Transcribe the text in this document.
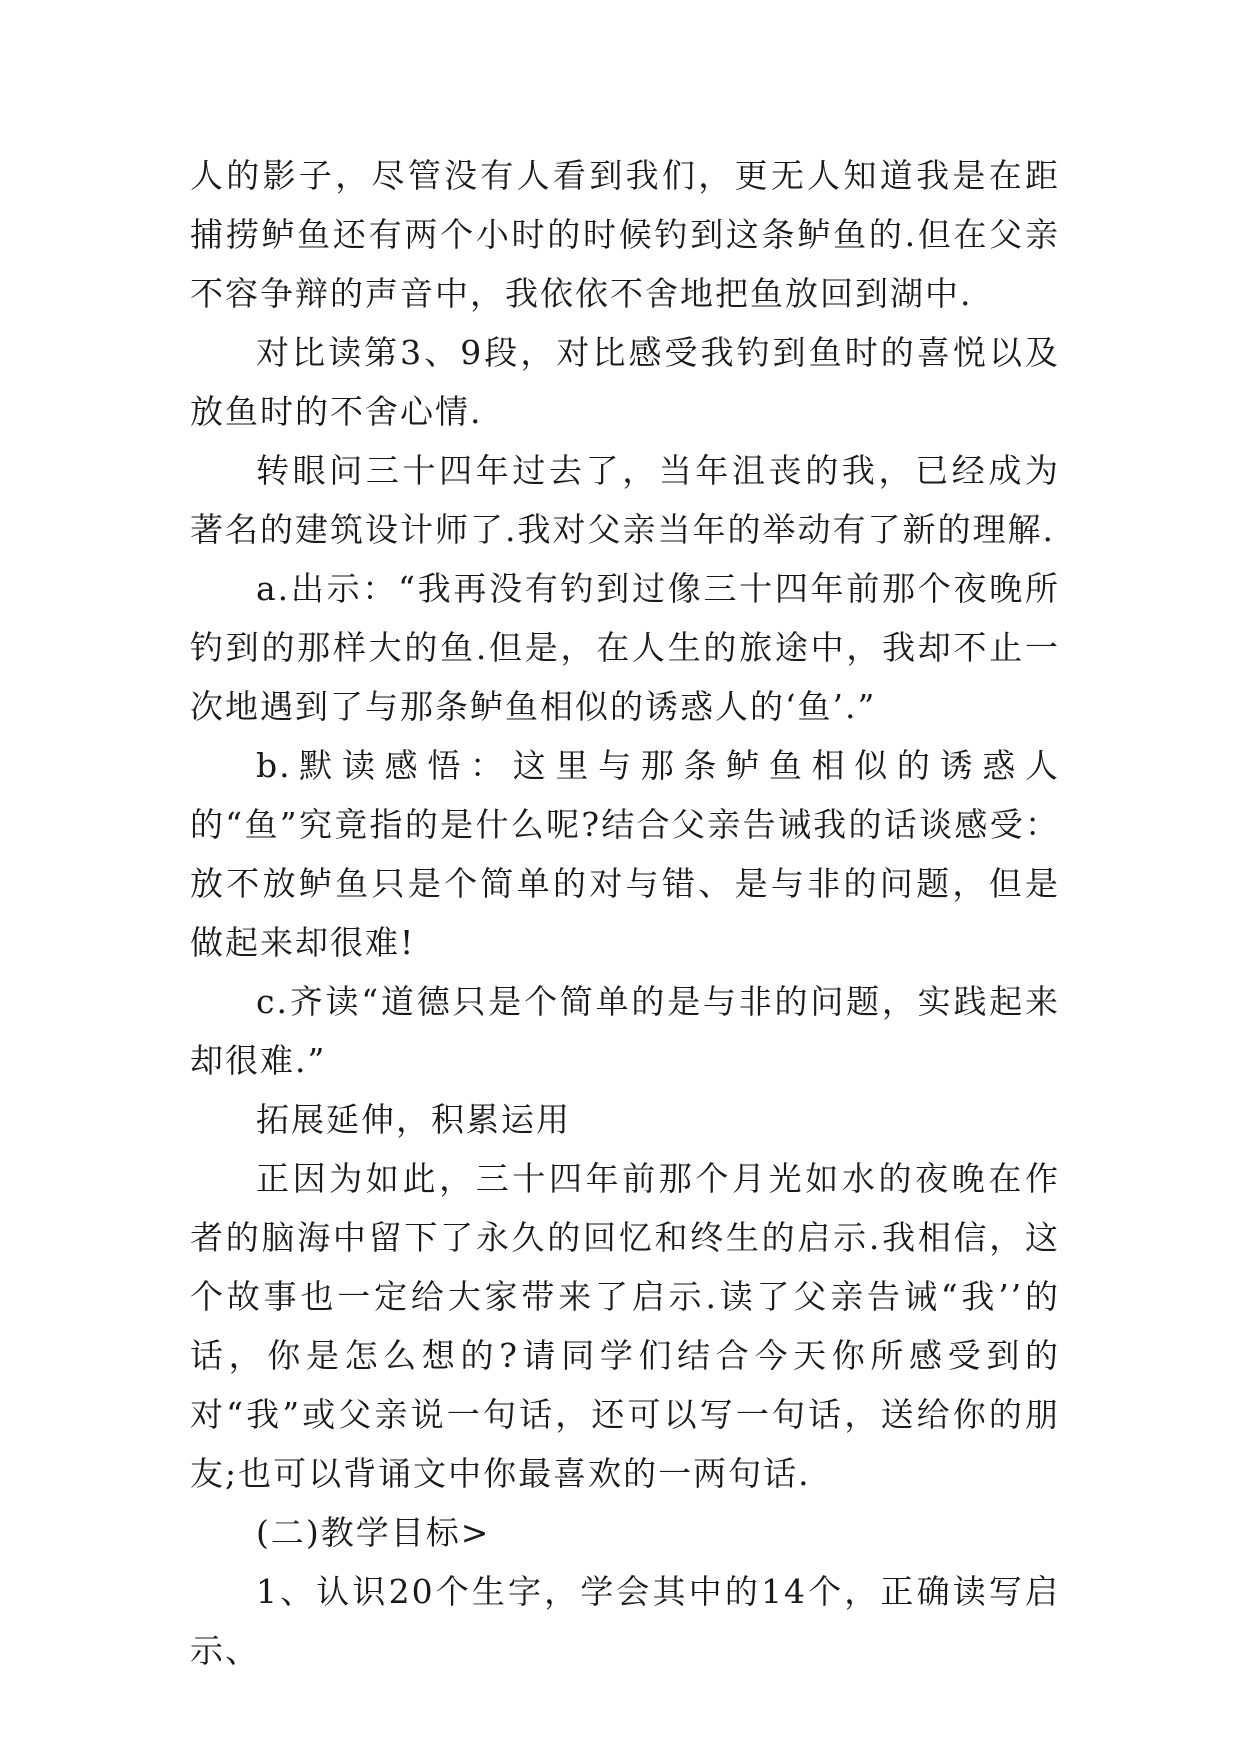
人的影子，尽管没有人看到我们，更无人知道我是在距捕捞鲈鱼还有两个小时的时候钓到这条鲈鱼的.但在父亲不容争辩的声音中，我依依不舍地把鱼放回到湖中.

对比读第3、9段，对比感受我钓到鱼时的喜悦以及放鱼时的不舍心情.

转眼问三十四年过去了，当年沮丧的我，已经成为著名的建筑设计师了.我对父亲当年的举动有了新的理解.

a.出示：“我再没有钓到过像三十四年前那个夜晚所钓到的那样大的鱼.但是，在人生的旅途中，我却不止一次地遇到了与那条鲈鱼相似的诱惑人的‘鱼’.”

b.默读感悟：这里与那条鲈鱼相似的诱惑人的“鱼”究竟指的是什么呢?结合父亲告诫我的话谈感受：放不放鲈鱼只是个简单的对与错、是与非的问题，但是做起来却很难!

c.齐读“道德只是个简单的是与非的问题，实践起来却很难.”

拓展延伸，积累运用

正因为如此，三十四年前那个月光如水的夜晚在作者的脑海中留下了永久的回忆和终生的启示.我相信，这个故事也一定给大家带来了启示.读了父亲告诫“我’’的话，你是怎么想的?请同学们结合今天你所感受到的对“我”或父亲说一句话，还可以写一句话，送给你的朋友;也可以背诵文中你最喜欢的一两句话.

(二)教学目标>

1、认识20个生字，学会其中的14个，正确读写启示、
